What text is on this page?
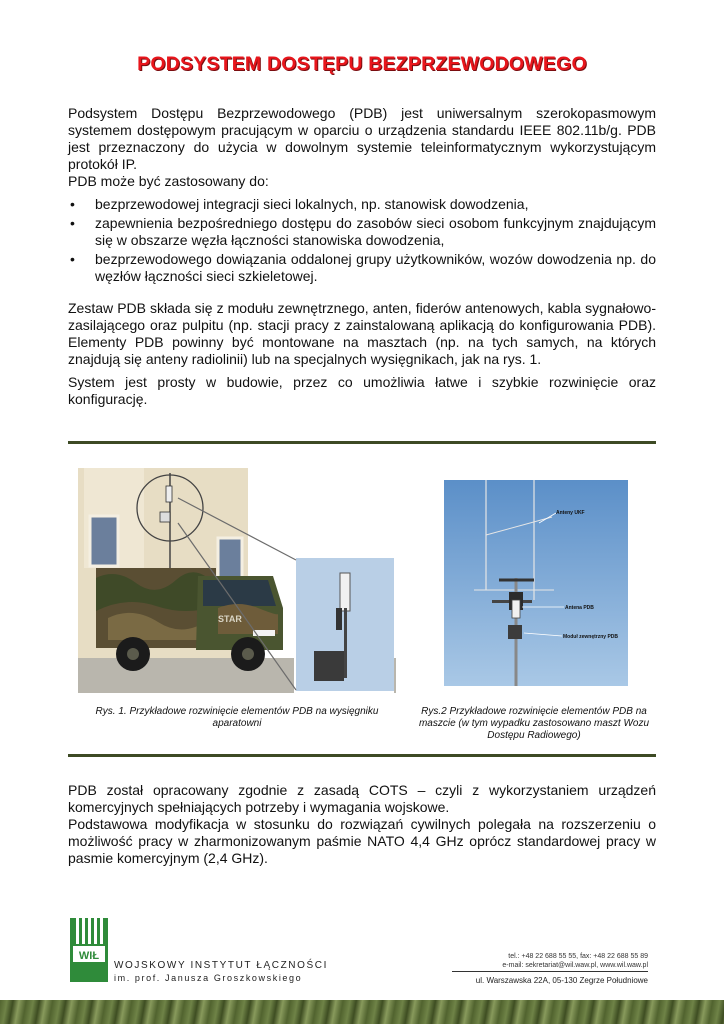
PODSYSTEM DOSTĘPU BEZPRZEWODOWEGO

Podsystem Dostępu Bezprzewodowego (PDB) jest uniwersalnym szerokopasmowym systemem dostępowym pracującym w oparciu o urządzenia standardu IEEE 802.11b/g. PDB jest przeznaczony do użycia w dowolnym systemie teleinformatycznym wykorzystującym protokół IP.

PDB może być zastosowany do:

• bezprzewodowej integracji sieci lokalnych, np. stanowisk dowodzenia,
• zapewnienia bezpośredniego dostępu do zasobów sieci osobom funkcyjnym znajdującym się w obszarze węzła łączności stanowiska dowodzenia,
• bezprzewodowego dowiązania oddalonej grupy użytkowników, wozów dowodzenia np. do węzłów łączności sieci szkieletowej.

Zestaw PDB składa się z modułu zewnętrznego, anten, fiderów antenowych, kabla sygnałowo-zasilającego oraz pulpitu (np. stacji pracy z zainstalowaną aplikacją do konfigurowania PDB). Elementy PDB powinny być montowane na masztach (np. na tych samych, na których znajdują się anteny radiolinii) lub na specjalnych wysięgnikach, jak na rys. 1.

System jest prosty w budowie, przez co umożliwia łatwe i szybkie rozwinięcie oraz konfigurację.

STAR
Rys. 1. Przykładowe rozwinięcie elementów PDB na wysięgniku aparatowni
Anteny UKF
Antena PDB
Moduł zewnętrzny PDB
Rys.2 Przykładowe rozwinięcie elementów PDB na maszcie (w tym wypadku zastosowano maszt Wozu Dostępu Radiowego)

PDB został opracowany zgodnie z zasadą COTS – czyli z wykorzystaniem urządzeń komercyjnych spełniających potrzeby i wymagania wojskowe.

Podstawowa modyfikacja w stosunku do rozwiązań cywilnych polegała na rozszerzeniu o możliwość pracy w zharmonizowanym paśmie NATO 4,4 GHz oprócz standardowej pracy w pasmie komercyjnym (2,4 GHz).

WIŁ
WOJSKOWY INSTYTUT ŁĄCZNOŚCI
im. prof. Janusza Groszkowskiego
tel.: +48 22 688 55 55, fax: +48 22 688 55 89
e-mail: sekretariat@wil.waw.pl, www.wil.waw.pl
ul. Warszawska 22A, 05-130 Zegrze Południowe
